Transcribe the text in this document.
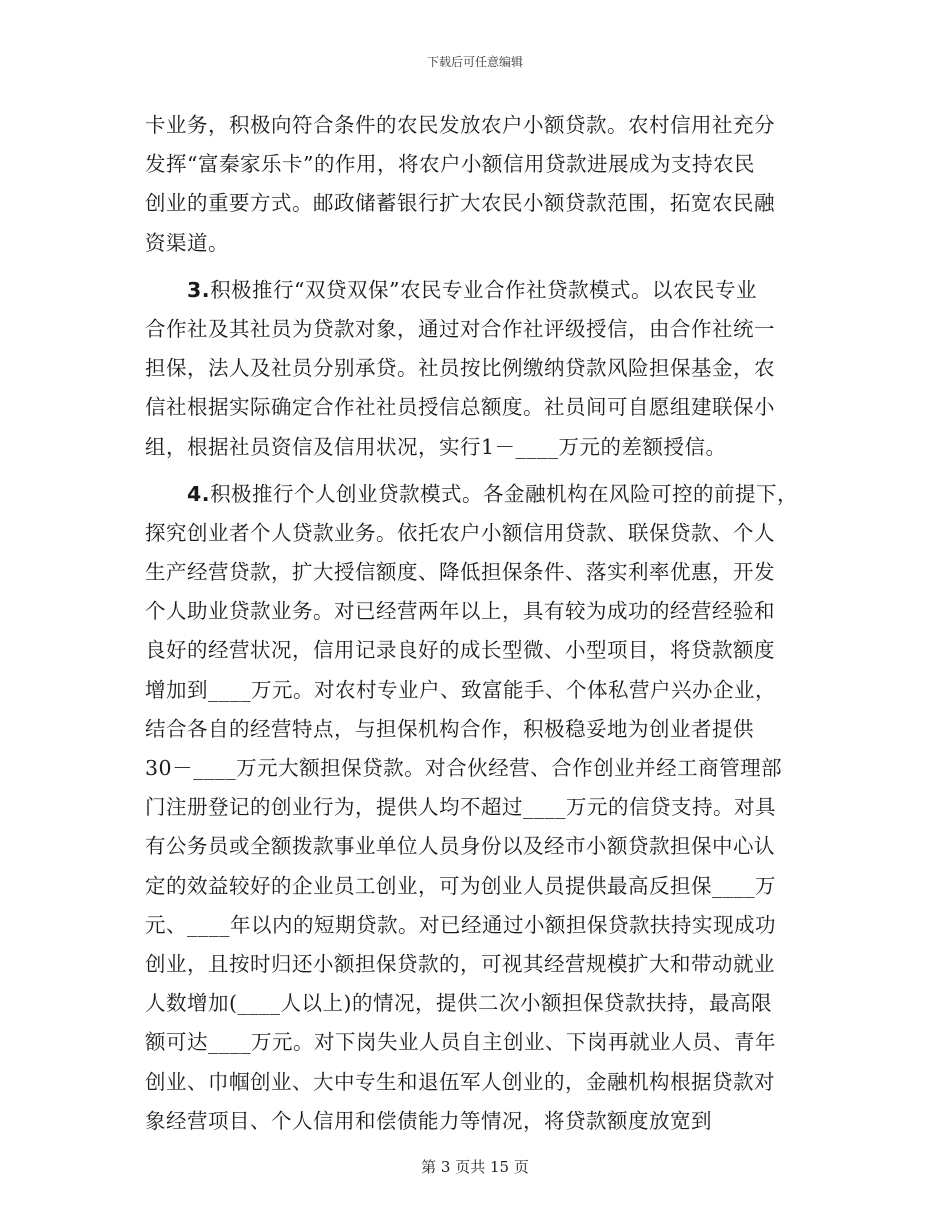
下载后可任意编辑
卡业务，积极向符合条件的农民发放农户小额贷款。农村信用社充分
发挥“富秦家乐卡”的作用，将农户小额信用贷款进展成为支持农民
创业的重要方式。邮政储蓄银行扩大农民小额贷款范围，拓宽农民融
资渠道。
3.积极推行“双贷双保”农民专业合作社贷款模式。以农民专业
合作社及其社员为贷款对象，通过对合作社评级授信，由合作社统一
担保，法人及社员分别承贷。社员按比例缴纳贷款风险担保基金，农
信社根据实际确定合作社社员授信总额度。社员间可自愿组建联保小
组，根据社员资信及信用状况，实行1－____万元的差额授信。
4.积极推行个人创业贷款模式。各金融机构在风险可控的前提下，
探究创业者个人贷款业务。依托农户小额信用贷款、联保贷款、个人
生产经营贷款，扩大授信额度、降低担保条件、落实利率优惠，开发
个人助业贷款业务。对已经营两年以上，具有较为成功的经营经验和
良好的经营状况，信用记录良好的成长型微、小型项目，将贷款额度
增加到____万元。对农村专业户、致富能手、个体私营户兴办企业，
结合各自的经营特点，与担保机构合作，积极稳妥地为创业者提供
30－____万元大额担保贷款。对合伙经营、合作创业并经工商管理部
门注册登记的创业行为，提供人均不超过____万元的信贷支持。对具
有公务员或全额拨款事业单位人员身份以及经市小额贷款担保中心认
定的效益较好的企业员工创业，可为创业人员提供最高反担保____万
元、____年以内的短期贷款。对已经通过小额担保贷款扶持实现成功
创业，且按时归还小额担保贷款的，可视其经营规模扩大和带动就业
人数增加(____人以上)的情况，提供二次小额担保贷款扶持，最高限
额可达____万元。对下岗失业人员自主创业、下岗再就业人员、青年
创业、巾帼创业、大中专生和退伍军人创业的，金融机构根据贷款对
象经营项目、个人信用和偿债能力等情况，将贷款额度放宽到
第 3 页共 15 页
